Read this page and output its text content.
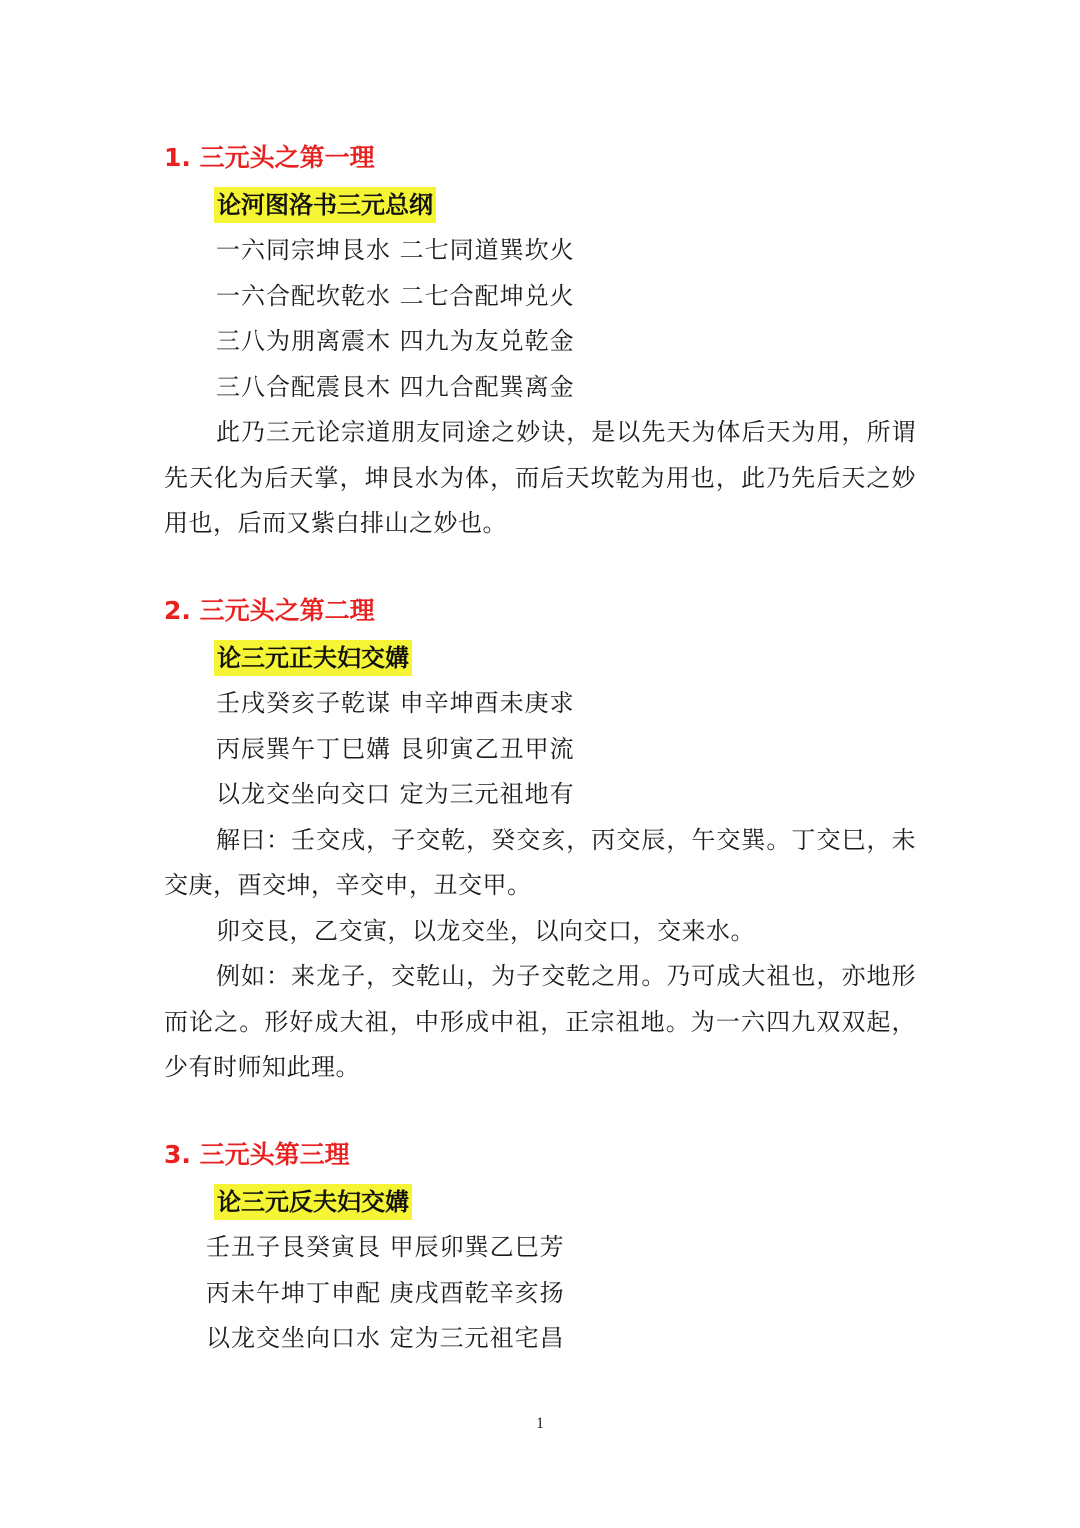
1. 三元头之第一理
论河图洛书三元总纲
一六同宗坤艮水 二七同道巽坎火
一六合配坎乾水 二七合配坤兑火
三八为朋离震木 四九为友兑乾金
三八合配震艮木 四九合配巽离金
此乃三元论宗道朋友同途之妙诀，是以先天为体后天为用，所谓先天化为后天掌，坤艮水为体，而后天坎乾为用也，此乃先后天之妙用也，后而又紫白排山之妙也。
2. 三元头之第二理
论三元正夫妇交媾
壬戌癸亥子乾谋 申辛坤酉未庚求
丙辰巽午丁巳媾 艮卯寅乙丑甲流
以龙交坐向交口 定为三元祖地有
解曰：壬交戌，子交乾，癸交亥，丙交辰，午交巽。丁交巳，未交庚，酉交坤，辛交申，丑交甲。
卯交艮，乙交寅，以龙交坐，以向交口，交来水。
例如：来龙子，交乾山，为子交乾之用。乃可成大祖也，亦地形而论之。形好成大祖，中形成中祖，正宗祖地。为一六四九双双起，少有时师知此理。
3. 三元头第三理
论三元反夫妇交媾
壬丑子艮癸寅艮 甲辰卯巽乙巳芳
丙未午坤丁申配 庚戌酉乾辛亥扬
以龙交坐向口水 定为三元祖宅昌
1
